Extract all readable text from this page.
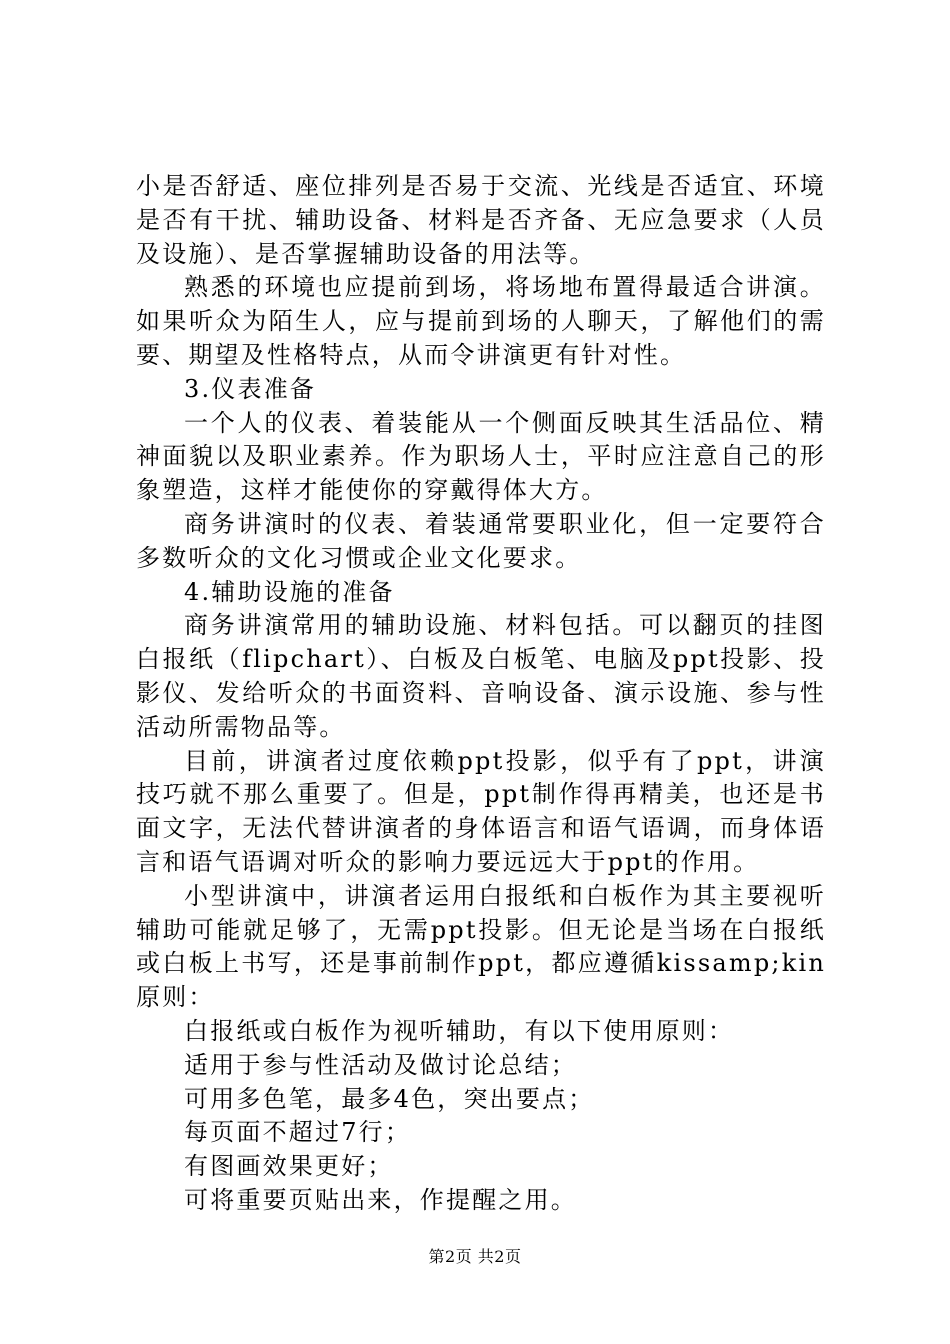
小是否舒适、座位排列是否易于交流、光线是否适宜、环境是否有干扰、辅助设备、材料是否齐备、无应急要求（人员及设施）、是否掌握辅助设备的用法等。

熟悉的环境也应提前到场，将场地布置得最适合讲演。如果听众为陌生人，应与提前到场的人聊天，了解他们的需要、期望及性格特点，从而令讲演更有针对性。

3.仪表准备

一个人的仪表、着装能从一个侧面反映其生活品位、精神面貌以及职业素养。作为职场人士，平时应注意自己的形象塑造，这样才能使你的穿戴得体大方。

商务讲演时的仪表、着装通常要职业化，但一定要符合多数听众的文化习惯或企业文化要求。

4.辅助设施的准备

商务讲演常用的辅助设施、材料包括。可以翻页的挂图白报纸（flipchart）、白板及白板笔、电脑及ppt投影、投影仪、发给听众的书面资料、音响设备、演示设施、参与性活动所需物品等。

目前，讲演者过度依赖ppt投影，似乎有了ppt，讲演技巧就不那么重要了。但是，ppt制作得再精美，也还是书面文字，无法代替讲演者的身体语言和语气语调，而身体语言和语气语调对听众的影响力要远远大于ppt的作用。

小型讲演中，讲演者运用白报纸和白板作为其主要视听辅助可能就足够了，无需ppt投影。但无论是当场在白报纸或白板上书写，还是事前制作ppt，都应遵循kissamp;kin原则：

白报纸或白板作为视听辅助，有以下使用原则：

适用于参与性活动及做讨论总结；

可用多色笔，最多4色，突出要点；

每页面不超过7行；

有图画效果更好；

可将重要页贴出来，作提醒之用。

第2页 共2页
